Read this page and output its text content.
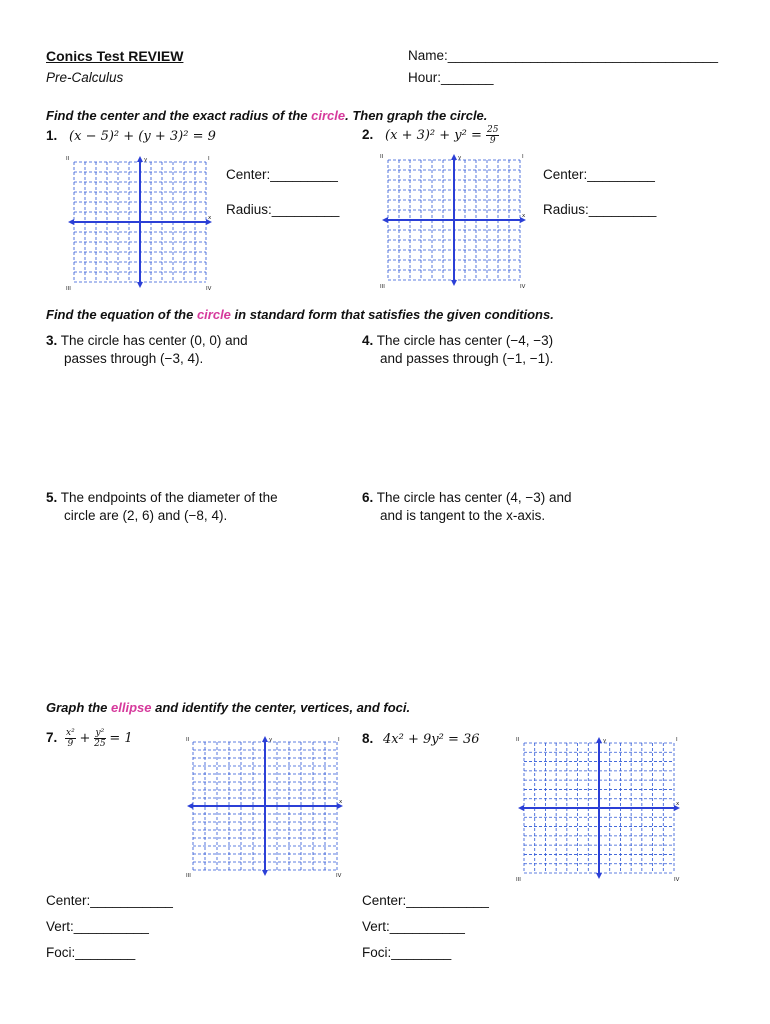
Conics Test REVIEW
Pre-Calculus
Name:____________________________________
Hour:_______
Find the center and the exact radius of the circle. Then graph the circle.
1. (x − 5)² + (y + 3)² = 9	2. $(x + 3)^2 + y^2 = \frac{25}{9}$
y
x
II	I
III	IV
Center:_________
Radius:_________
y
x
II	I
III	IV
Center:_________
Radius:_________
Find the equation of the circle in standard form that satisfies the given conditions.
3. The circle has center (0, 0) and
passes through (−3, 4).
4. The circle has center (−4, −3)
and passes through (−1, −1).
5. The endpoints of the diameter of the
circle are (2, 6) and (−8, 4).
6. The circle has center (4, −3) and
and is tangent to the x-axis.
Graph the ellipse and identify the center, vertices, and foci.
7. $\frac{\text{x²}}{9} + \frac{\text{y²}}{25} = 1$	8. 4x² + 9y² = 36
y
x
II	I
III	IV
y
x
II	I
III	IV
Center:___________
Vert:__________
Foci:________
Center:___________
Vert:__________
Foci:________
